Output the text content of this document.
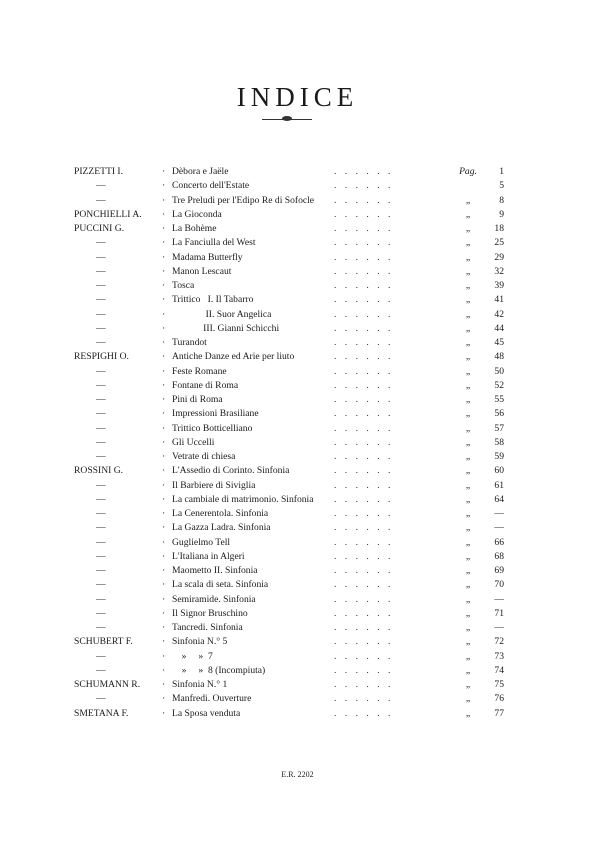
INDICE
PIZZETTI I.	· Dèbora e Jaële	. . . . . .	Pag.	1
—	· Concerto dell'Estate	. . . . . .	5
—	· Tre Preludi per l'Edipo Re di Sofocle . . . . . .	„	8
PONCHIELLI A.	· La Gioconda	. . . . . .	„	9
PUCCINI G.	· La Bohème	. . . . . .	„	18
—	· La Fanciulla del West	. . . . . .	„	25
—	· Madama Butterfly	. . . . . .	„	29
—	· Manon Lescaut	. . . . . .	„	32
—	· Tosca	. . . . . .	„	39
—	· Trittico   I. Il Tabarro	. . . . . .	„	41
—	· II. Suor Angelica	. . . . . .	„	42
—	· III. Gianni Schicchi	. . . . . .	„	44
—	· Turandot	. . . . . .	„	45
RESPIGHI O.	· Antiche Danze ed Arie per liuto	. . . . . .	„	48
—	· Feste Romane	. . . . . .	„	50
—	· Fontane di Roma	. . . . . .	„	52
—	· Pini di Roma	. . . . . .	„	55
—	· Impressioni Brasiliane	. . . . . .	„	56
—	· Trittico Botticelliano	. . . . . .	„	57
—	· Gli Uccelli	. . . . . .	„	58
—	· Vetrate di chiesa	. . . . . .	„	59
ROSSINI G.	· L'Assedio di Corinto. Sinfonia	. . . . . .	„	60
—	· Il Barbiere di Siviglia	. . . . . .	„	61
—	· La cambiale di matrimonio. Sinfonia . . . . . .	„	64
—	· La Cenerentola. Sinfonia	. . . . . .	„	—
—	· La Gazza Ladra. Sinfonia	. . . . . .	„	—
—	· Guglielmo Tell	. . . . . .	„	66
—	· L'Italiana in Algeri	. . . . . .	„	68
—	· Maometto II. Sinfonia	. . . . . .	„	69
—	· La scala di seta. Sinfonia	. . . . . .	„	70
—	· Semiramide. Sinfonia	. . . . . .	„	—
—	· Il Signor Bruschino	. . . . . .	„	71
—	· Tancredi. Sinfonia	. . . . . .	„	—
SCHUBERT F.	· Sinfonia N.° 5	. . . . . .	„	72
—	· »     »  7	. . . . . .	„	73
—	· »     »  8 (Incompiuta)	. . . . . .	„	74
SCHUMANN R.	· Sinfonia N.° 1	. . . . . .	„	75
—	· Manfredi. Ouverture	. . . . . .	„	76
SMETANA F.	· La Sposa venduta	. . . . . .	„	77
E.R. 2202
